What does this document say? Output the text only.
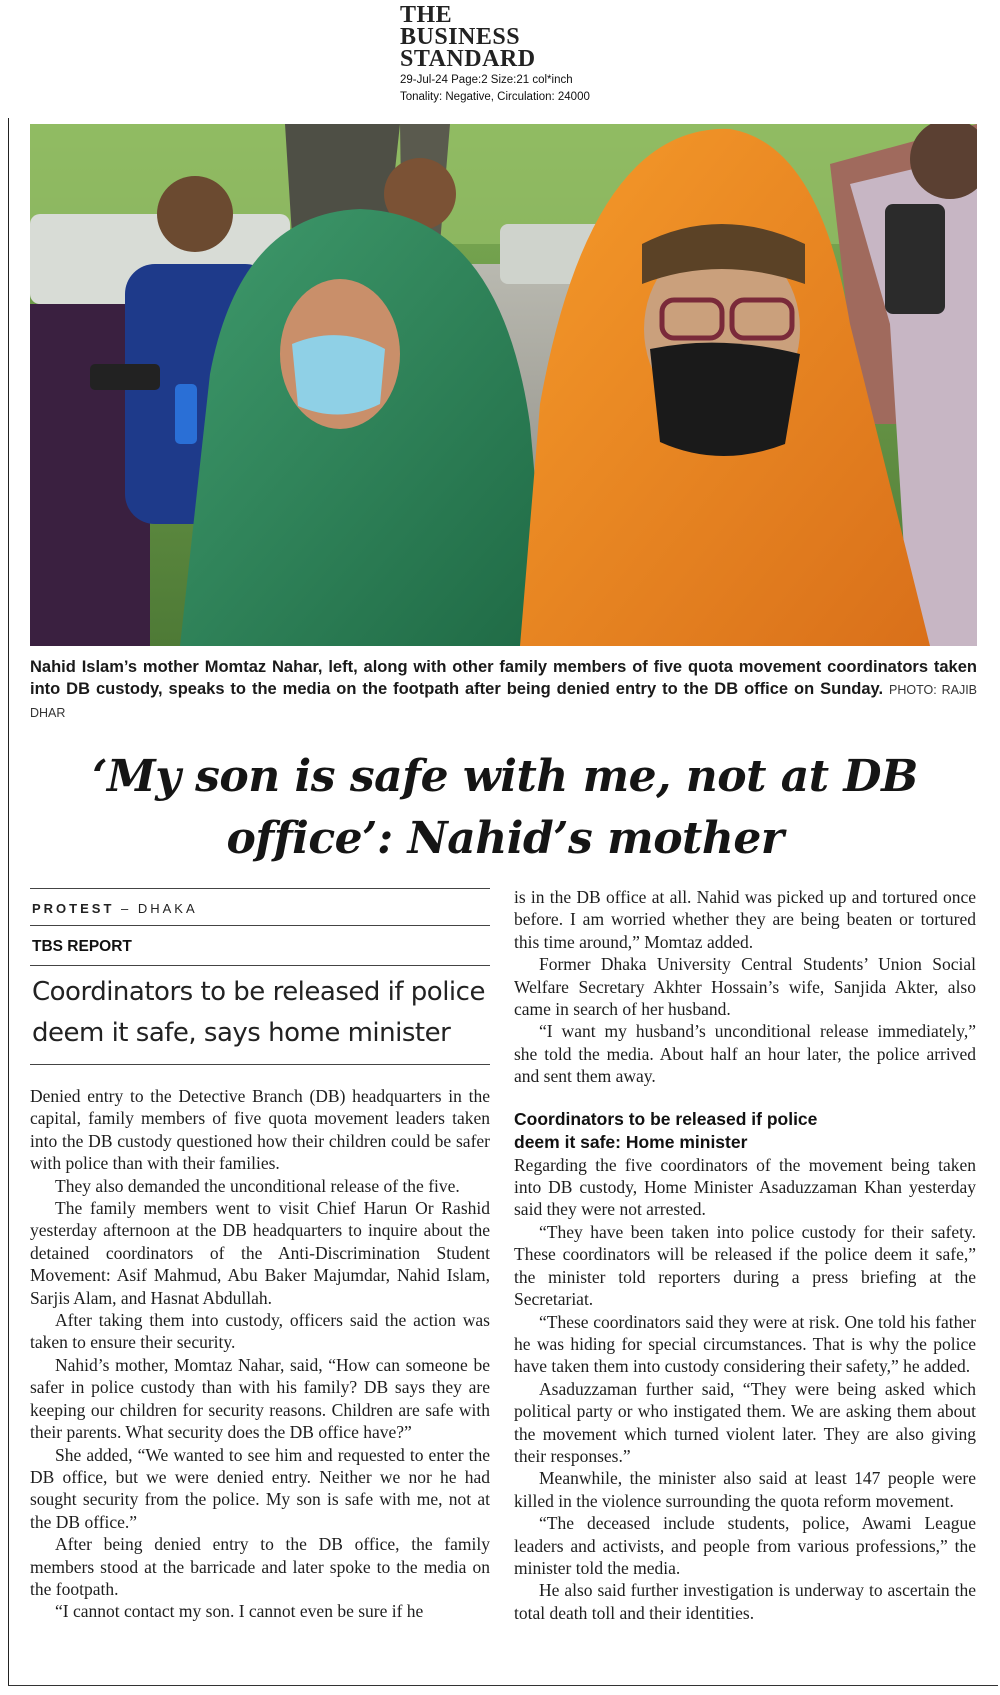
THE
BUSINESS
STANDARD
29-Jul-24 Page:2 Size:21 col*inch
Tonality: Negative, Circulation: 24000
Nahid Islam’s mother Momtaz Nahar, left, along with other family members of five quota movement coordinators taken into DB custody, speaks to the media on the footpath after being denied entry to the DB office on Sunday. PHOTO: RAJIB DHAR
‘My son is safe with me, not at DB
office’: Nahid’s mother
PROTEST – DHAKA
TBS REPORT
Coordinators to be released if police deem it safe, says home minister

Denied entry to the Detective Branch (DB) headquarters in the capital, family members of five quota movement leaders taken into the DB custody questioned how their children could be safer with police than with their families.

They also demanded the unconditional release of the five.

The family members went to visit Chief Harun Or Rashid yesterday afternoon at the DB headquarters to inquire about the detained coordinators of the Anti-Discrimination Student Movement: Asif Mahmud, Abu Baker Majumdar, Nahid Islam, Sarjis Alam, and Hasnat Abdullah.

After taking them into custody, officers said the action was taken to ensure their security.

Nahid’s mother, Momtaz Nahar, said, “How can someone be safer in police custody than with his family? DB says they are keeping our children for security reasons. Children are safe with their parents. What security does the DB office have?”

She added, “We wanted to see him and requested to enter the DB office, but we were denied entry. Neither we nor he had sought security from the police. My son is safe with me, not at the DB office.”

After being denied entry to the DB office, the family members stood at the barricade and later spoke to the media on the footpath.

“I cannot contact my son. I cannot even be sure if he

is in the DB office at all. Nahid was picked up and tortured once before. I am worried whether they are being beaten or tortured this time around,” Momtaz added.

Former Dhaka University Central Students’ Union Social Welfare Secretary Akhter Hossain’s wife, Sanjida Akter, also came in search of her husband.

“I want my husband’s unconditional release immediately,” she told the media. About half an hour later, the police arrived and sent them away.

Coordinators to be released if police deem it safe: Home minister

Regarding the five coordinators of the movement being taken into DB custody, Home Minister Asaduzzaman Khan yesterday said they were not arrested.

“They have been taken into police custody for their safety. These coordinators will be released if the police deem it safe,” the minister told reporters during a press briefing at the Secretariat.

“These coordinators said they were at risk. One told his father he was hiding for special circumstances. That is why the police have taken them into custody considering their safety,” he added.

Asaduzzaman further said, “They were being asked which political party or who instigated them. We are asking them about the movement which turned violent later. They are also giving their responses.”

Meanwhile, the minister also said at least 147 people were killed in the violence surrounding the quota reform movement.

“The deceased include students, police, Awami League leaders and activists, and people from various professions,” the minister told the media.

He also said further investigation is underway to ascertain the total death toll and their identities.
